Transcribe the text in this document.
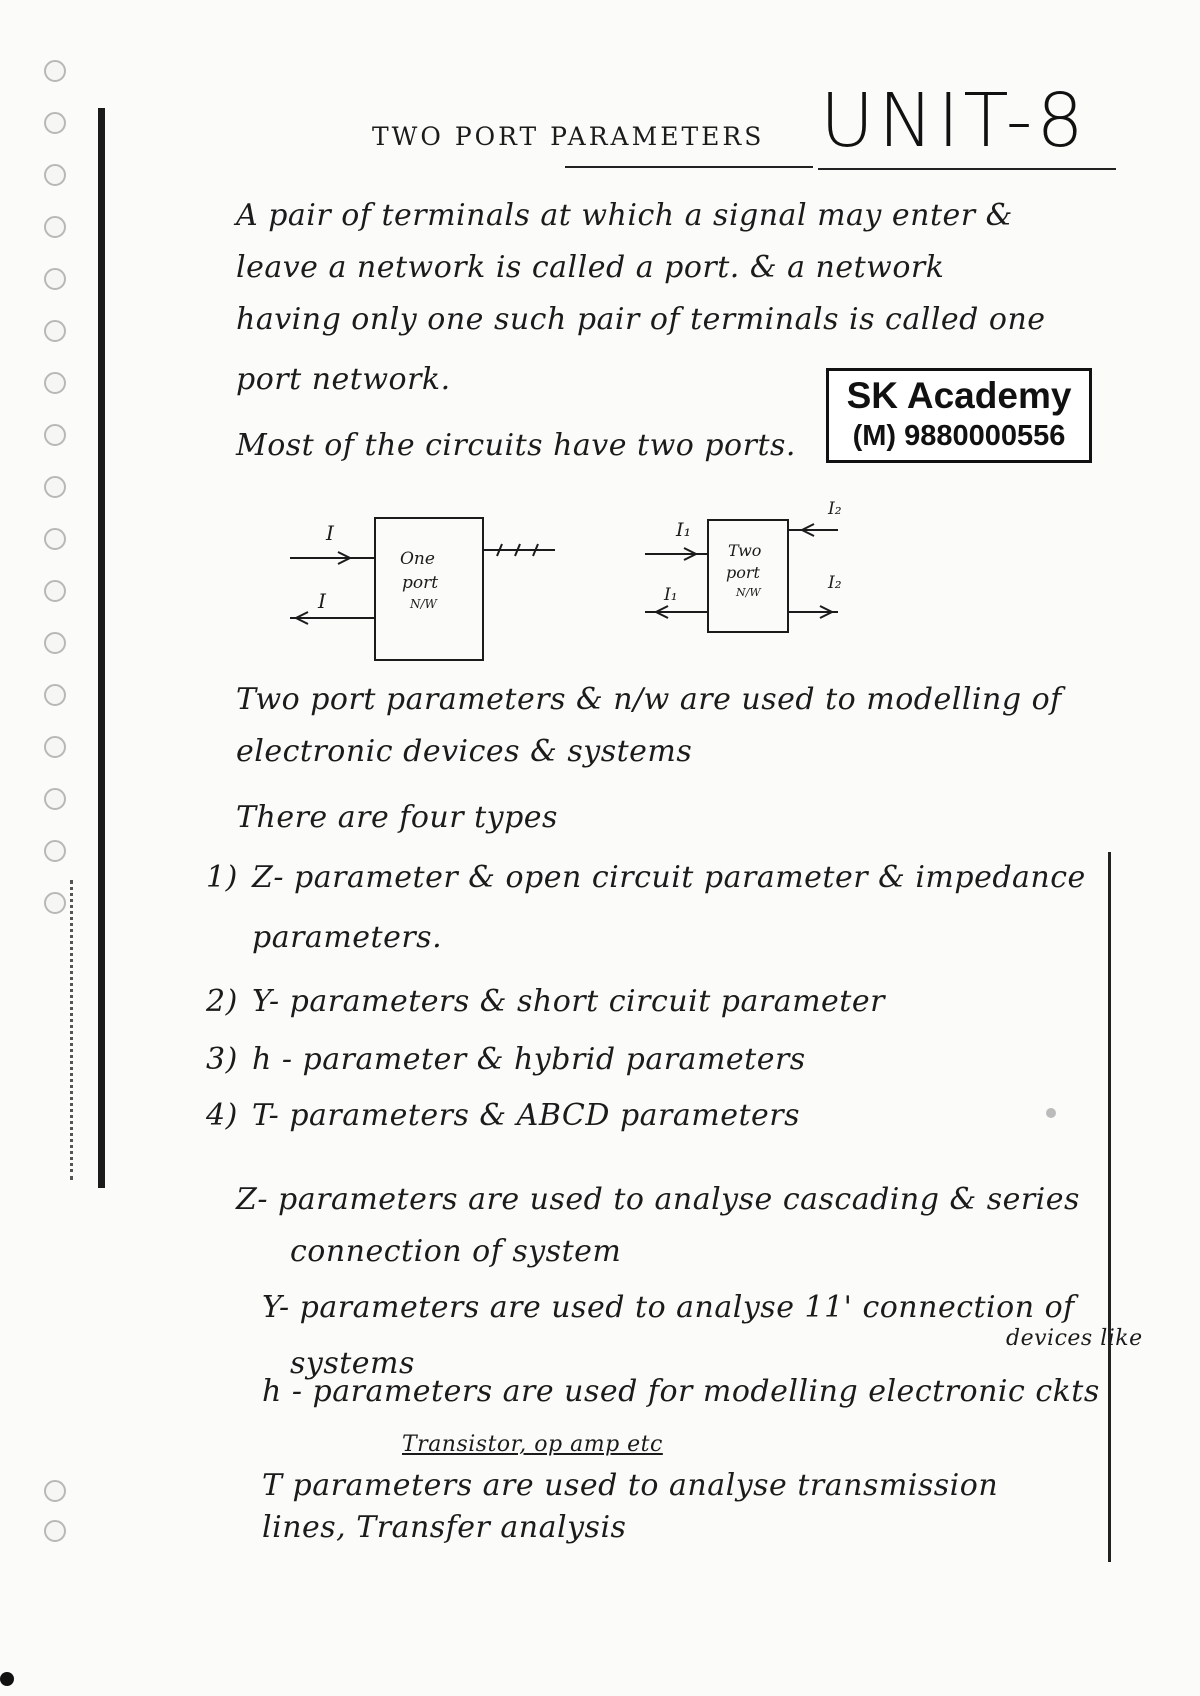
TWO PORT PARAMETERS UNIT-8
A pair of terminals at which a signal may enter &
leave a network is called a port. & a network
having only one such pair of terminals is called one
port network.
Most of the circuits have two ports.
SK Academy
(M) 9880000556
One
port
N/W
I
I
Two
port
N/W
I₁
I₁
I₂
I₂
Two port parameters & n/w are used to modelling of
electronic devices & systems
There are four types
1) Z- parameter & open circuit parameter & impedance
parameters.
2) Y- parameters & short circuit parameter
3) h - parameter & hybrid parameters
4) T- parameters & ABCD parameters
Z- parameters are used to analyse cascading & series
connection of system
Y- parameters are used to analyse 11' connection of
systems
devices like
h - parameters are used for modelling electronic ckts
Transistor, op amp etc
T parameters are used to analyse transmission
lines, Transfer analysis
